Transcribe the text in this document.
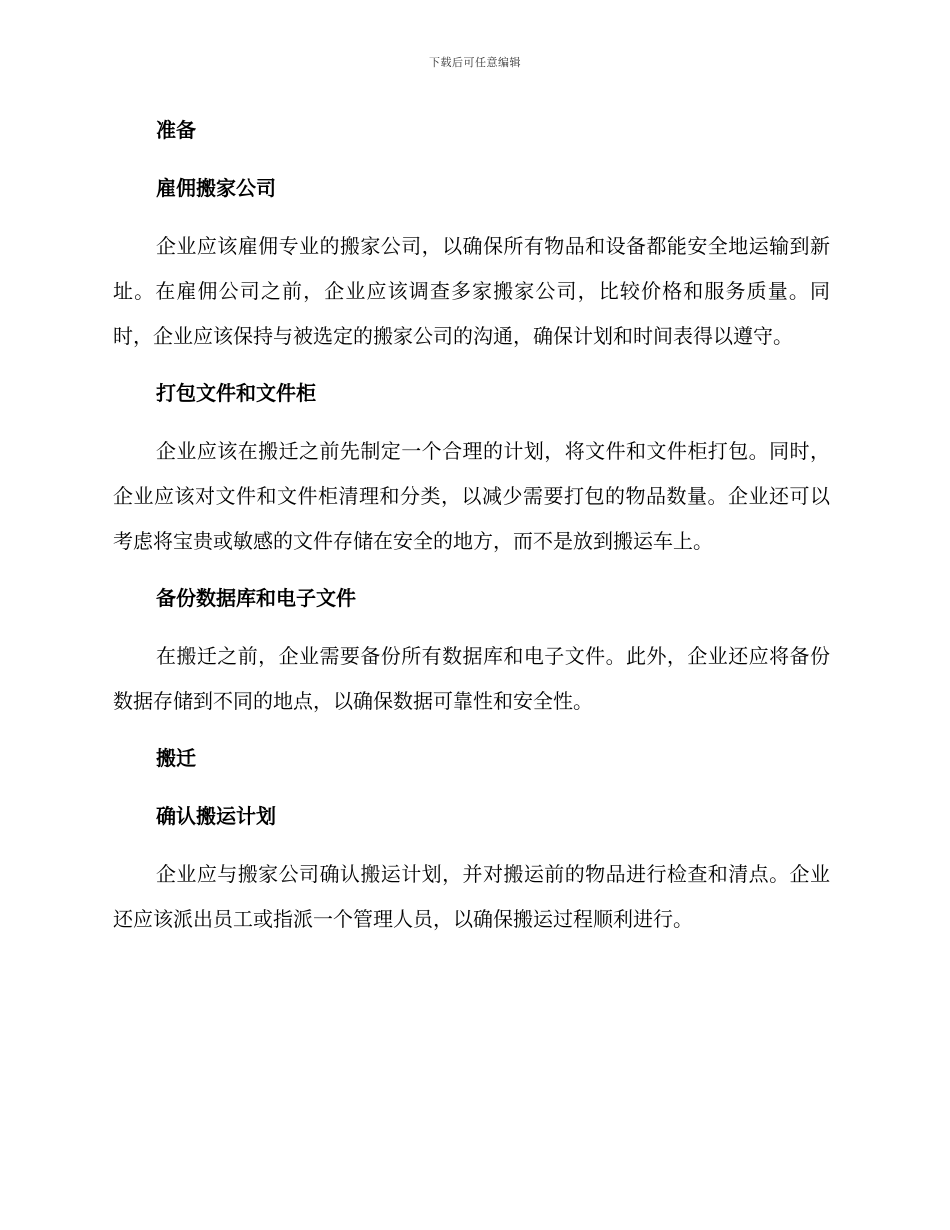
下载后可任意编辑
准备
雇佣搬家公司

企业应该雇佣专业的搬家公司，以确保所有物品和设备都能安全地运输到新址。在雇佣公司之前，企业应该调查多家搬家公司，比较价格和服务质量。同时，企业应该保持与被选定的搬家公司的沟通，确保计划和时间表得以遵守。

打包文件和文件柜

企业应该在搬迁之前先制定一个合理的计划，将文件和文件柜打包。同时，企业应该对文件和文件柜清理和分类，以减少需要打包的物品数量。企业还可以考虑将宝贵或敏感的文件存储在安全的地方，而不是放到搬运车上。

备份数据库和电子文件

在搬迁之前，企业需要备份所有数据库和电子文件。此外，企业还应将备份数据存储到不同的地点，以确保数据可靠性和安全性。

搬迁
确认搬运计划

企业应与搬家公司确认搬运计划，并对搬运前的物品进行检查和清点。企业还应该派出员工或指派一个管理人员，以确保搬运过程顺利进行。
